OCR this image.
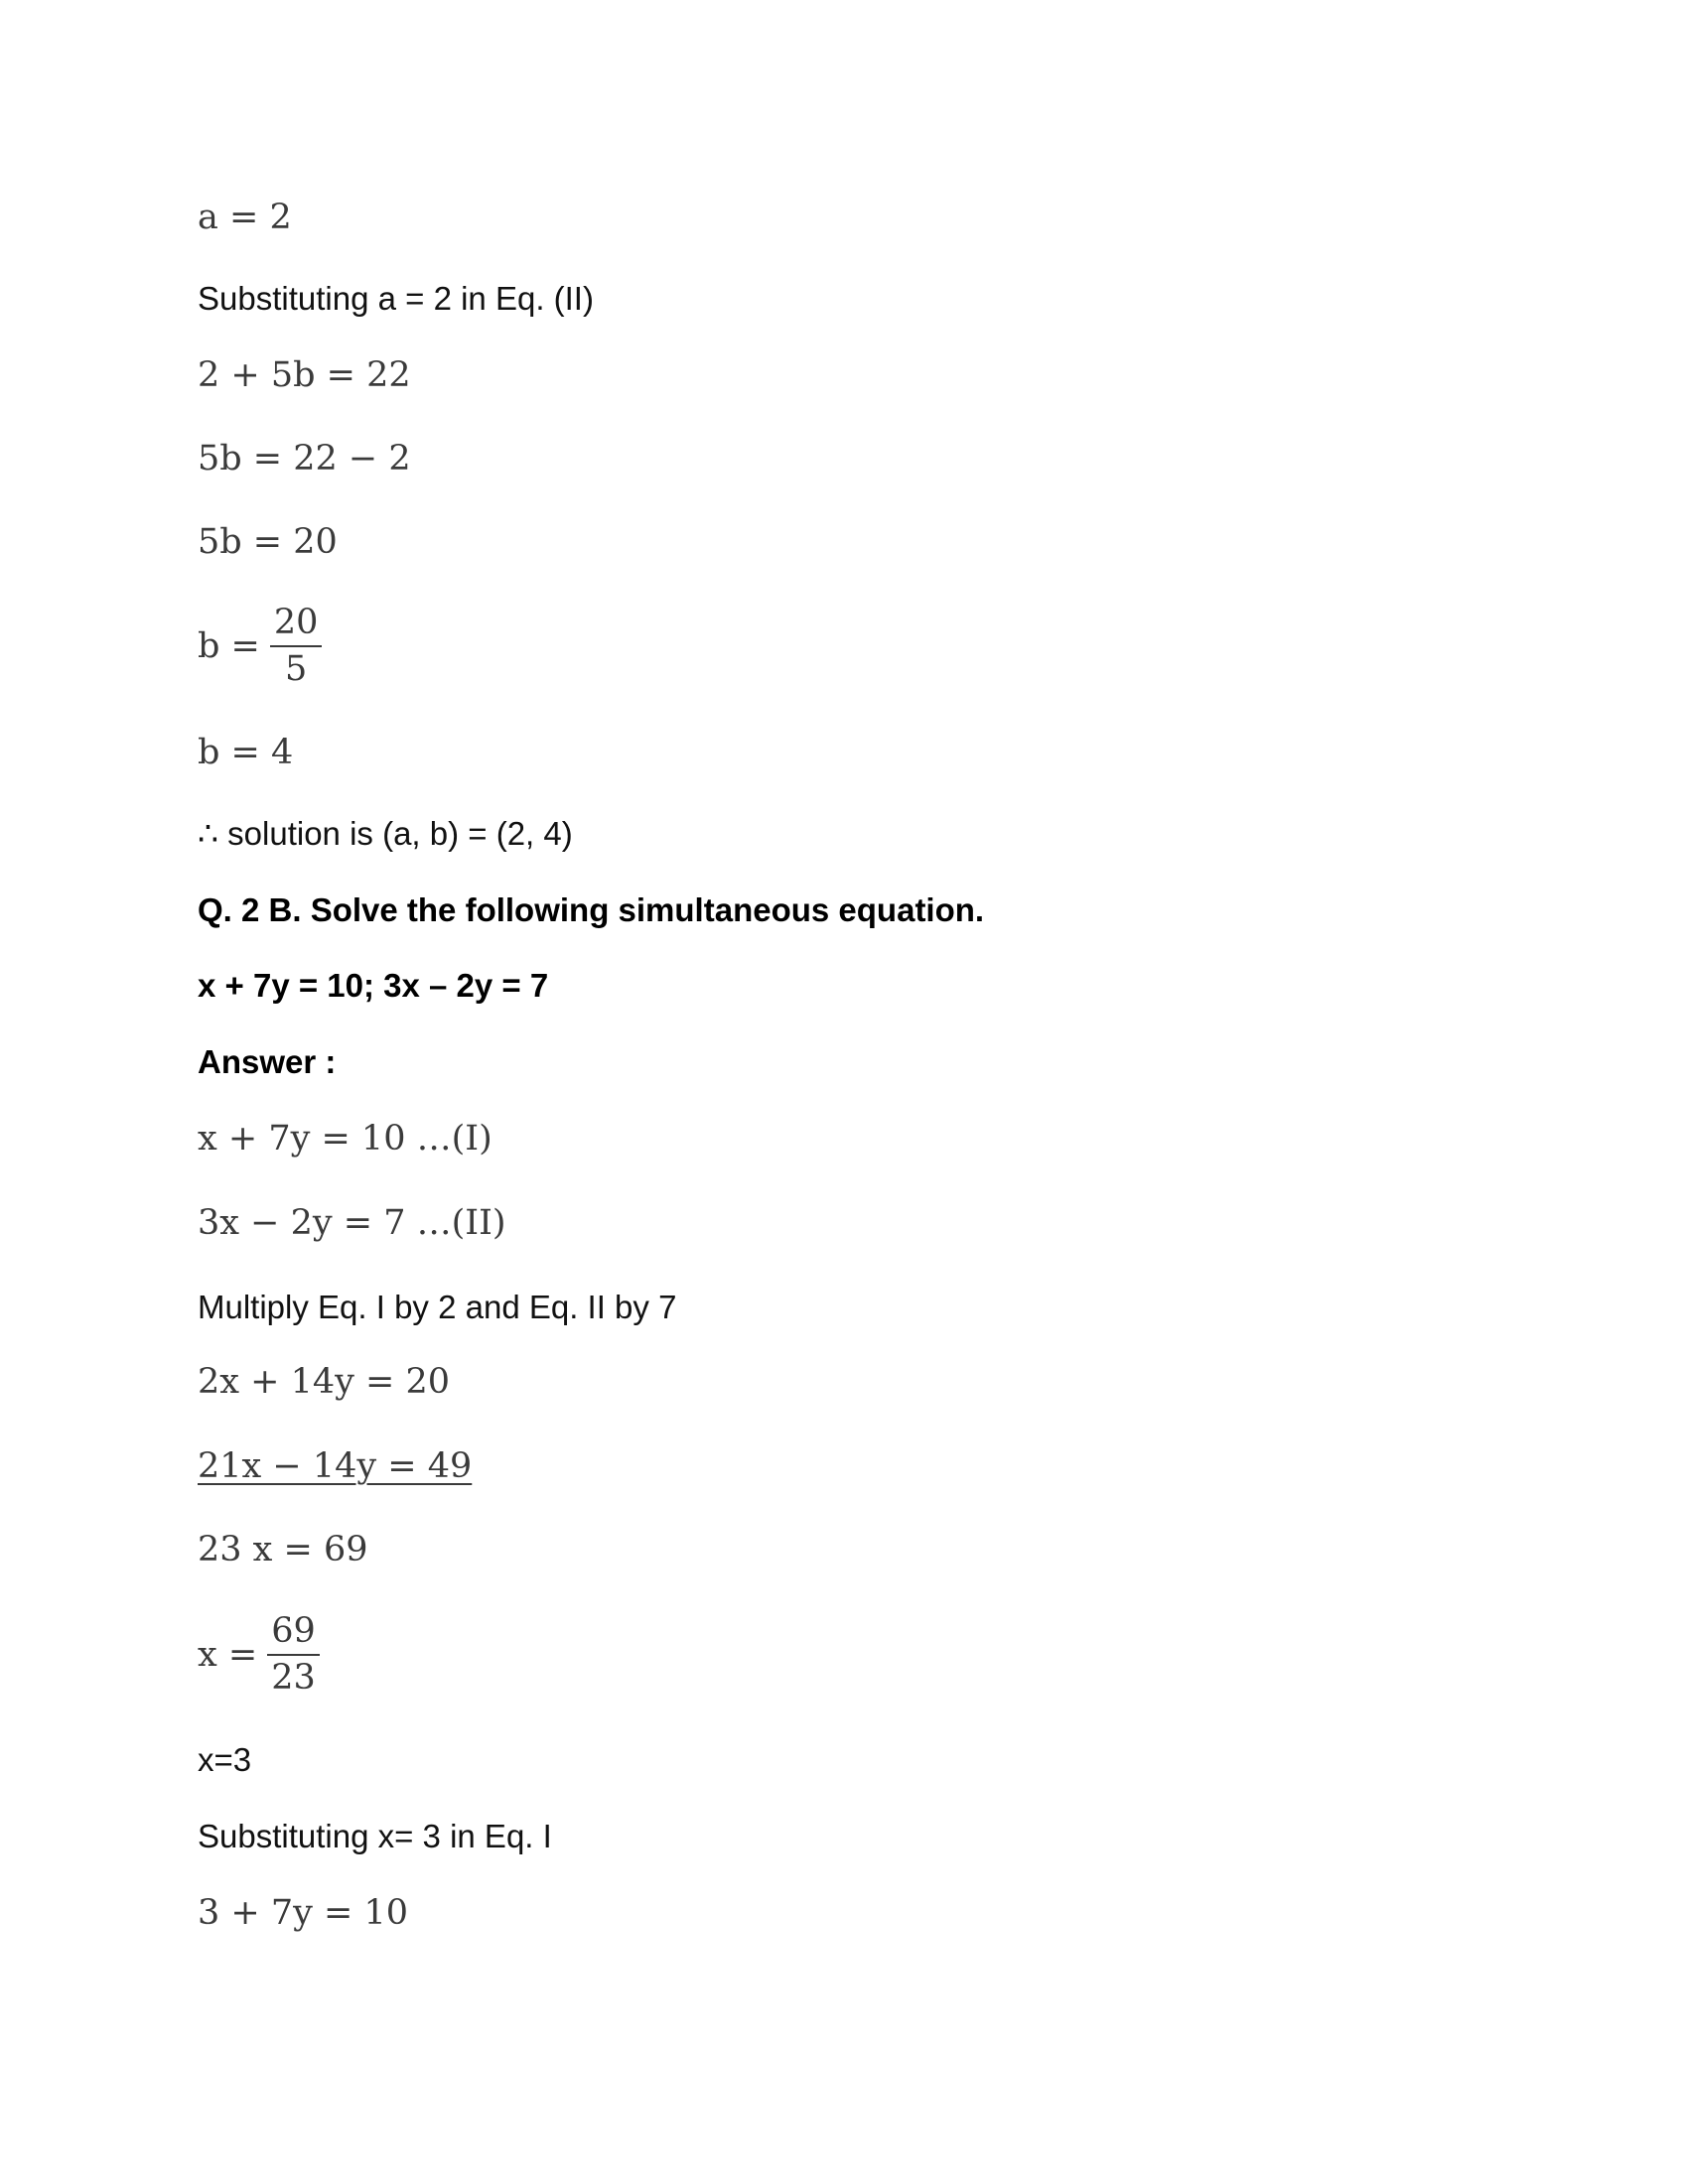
a = 2
Substituting a = 2 in Eq. (II)
2 + 5b = 22
5b = 22 − 2
5b = 20
$b = \frac{20}{5}$
b = 4
∴ solution is (a, b) = (2, 4)
Q. 2 B. Solve the following simultaneous equation.
x + 7y = 10; 3x – 2y = 7
Answer :
x + 7y = 10 …(I)
3x − 2y = 7 …(II)
Multiply Eq. I by 2 and Eq. II by 7
2x + 14y = 20
21x − 14y = 49
23 x = 69
$x = \frac{69}{23}$
x=3
Substituting x= 3 in Eq. I
3 + 7y = 10
